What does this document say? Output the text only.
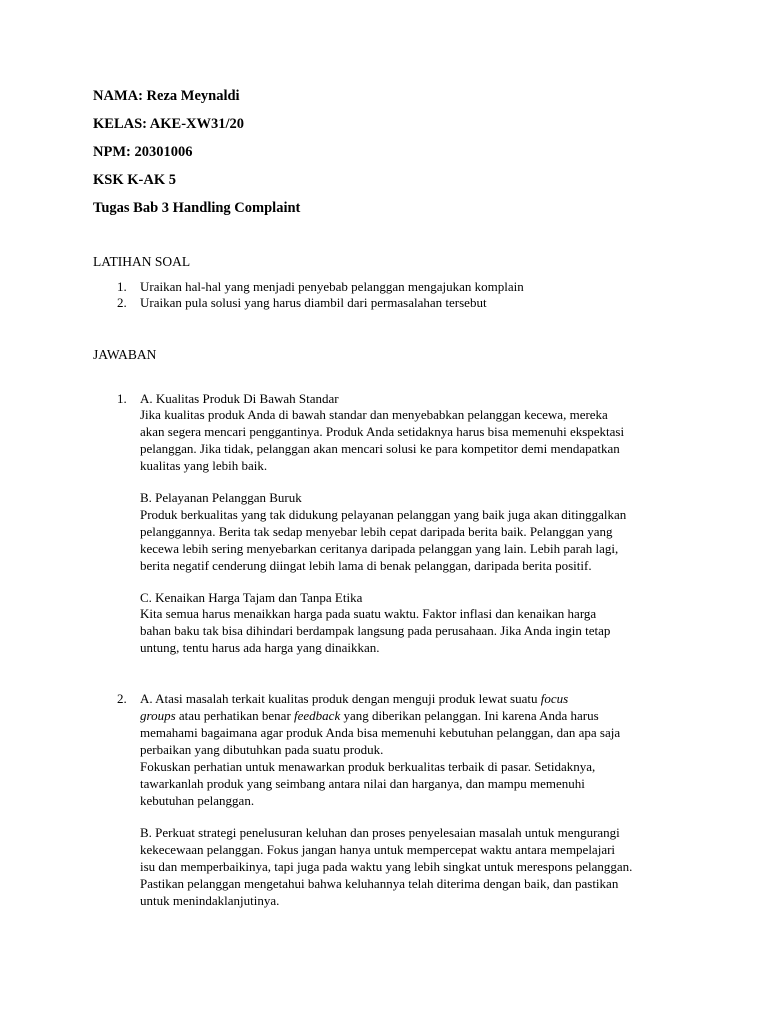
NAMA: Reza Meynaldi
KELAS: AKE-XW31/20
NPM: 20301006
KSK K-AK 5
Tugas Bab 3 Handling Complaint
LATIHAN SOAL
1. Uraikan hal-hal yang menjadi penyebab pelanggan mengajukan komplain
2. Uraikan pula solusi yang harus diambil dari permasalahan tersebut
JAWABAN
1. A. Kualitas Produk Di Bawah Standar
Jika kualitas produk Anda di bawah standar dan menyebabkan pelanggan kecewa, mereka
akan segera mencari penggantinya. Produk Anda setidaknya harus bisa memenuhi ekspektasi
pelanggan. Jika tidak, pelanggan akan mencari solusi ke para kompetitor demi mendapatkan
kualitas yang lebih baik.
B. Pelayanan Pelanggan Buruk
Produk berkualitas yang tak didukung pelayanan pelanggan yang baik juga akan ditinggalkan
pelanggannya. Berita tak sedap menyebar lebih cepat daripada berita baik. Pelanggan yang
kecewa lebih sering menyebarkan ceritanya daripada pelanggan yang lain. Lebih parah lagi,
berita negatif cenderung diingat lebih lama di benak pelanggan, daripada berita positif.
C. Kenaikan Harga Tajam dan Tanpa Etika
Kita semua harus menaikkan harga pada suatu waktu. Faktor inflasi dan kenaikan harga
bahan baku tak bisa dihindari berdampak langsung pada perusahaan. Jika Anda ingin tetap
untung, tentu harus ada harga yang dinaikkan.
2. A. Atasi masalah terkait kualitas produk dengan menguji produk lewat suatu focus
groups atau perhatikan benar feedback yang diberikan pelanggan. Ini karena Anda harus
memahami bagaimana agar produk Anda bisa memenuhi kebutuhan pelanggan, dan apa saja
perbaikan yang dibutuhkan pada suatu produk.
Fokuskan perhatian untuk menawarkan produk berkualitas terbaik di pasar. Setidaknya,
tawarkanlah produk yang seimbang antara nilai dan harganya, dan mampu memenuhi
kebutuhan pelanggan.
B. Perkuat strategi penelusuran keluhan dan proses penyelesaian masalah untuk mengurangi
kekecewaan pelanggan. Fokus jangan hanya untuk mempercepat waktu antara mempelajari
isu dan memperbaikinya, tapi juga pada waktu yang lebih singkat untuk merespons pelanggan.
Pastikan pelanggan mengetahui bahwa keluhannya telah diterima dengan baik, dan pastikan
untuk menindaklanjutinya.
